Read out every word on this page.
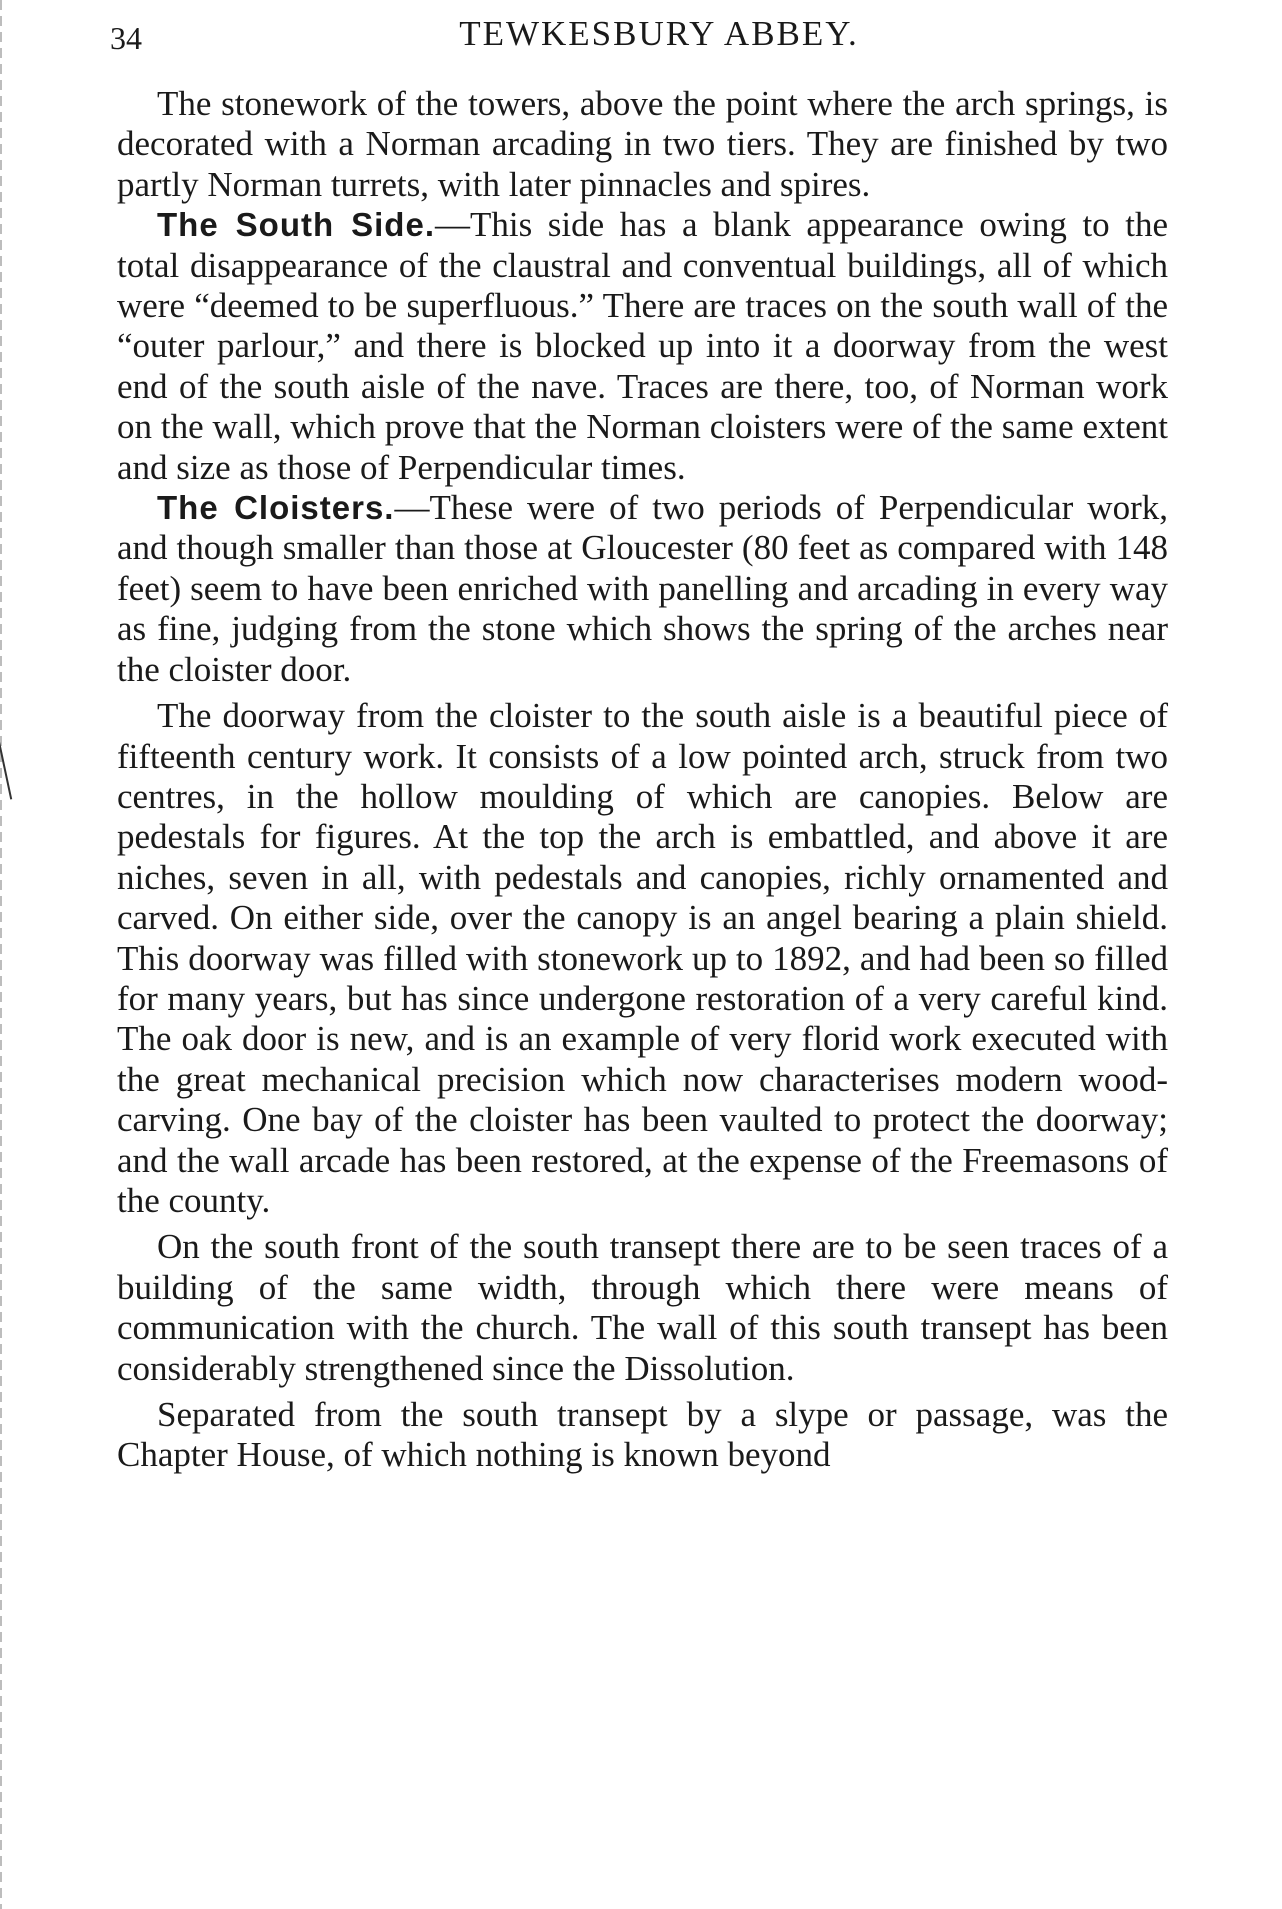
34	TEWKESBURY ABBEY.

The stonework of the towers, above the point where the arch springs, is decorated with a Norman arcading in two tiers. They are finished by two partly Norman turrets, with later pinnacles and spires.

The South Side.—This side has a blank appearance owing to the total disappearance of the claustral and conventual buildings, all of which were “deemed to be superfluous.” There are traces on the south wall of the “outer parlour,” and there is blocked up into it a doorway from the west end of the south aisle of the nave. Traces are there, too, of Norman work on the wall, which prove that the Norman cloisters were of the same extent and size as those of Perpendicular times.

The Cloisters.—These were of two periods of Perpendicular work, and though smaller than those at Gloucester (80 feet as compared with 148 feet) seem to have been enriched with panelling and arcading in every way as fine, judging from the stone which shows the spring of the arches near the cloister door.

The doorway from the cloister to the south aisle is a beautiful piece of fifteenth century work. It consists of a low pointed arch, struck from two centres, in the hollow moulding of which are canopies. Below are pedestals for figures. At the top the arch is embattled, and above it are niches, seven in all, with pedestals and canopies, richly ornamented and carved. On either side, over the canopy is an angel bearing a plain shield. This doorway was filled with stonework up to 1892, and had been so filled for many years, but has since undergone restoration of a very careful kind. The oak door is new, and is an example of very florid work executed with the great mechanical precision which now characterises modern wood-carving. One bay of the cloister has been vaulted to protect the doorway; and the wall arcade has been restored, at the expense of the Freemasons of the county.

On the south front of the south transept there are to be seen traces of a building of the same width, through which there were means of communication with the church. The wall of this south transept has been considerably strengthened since the Dissolution.

Separated from the south transept by a slype or passage, was the Chapter House, of which nothing is known beyond
